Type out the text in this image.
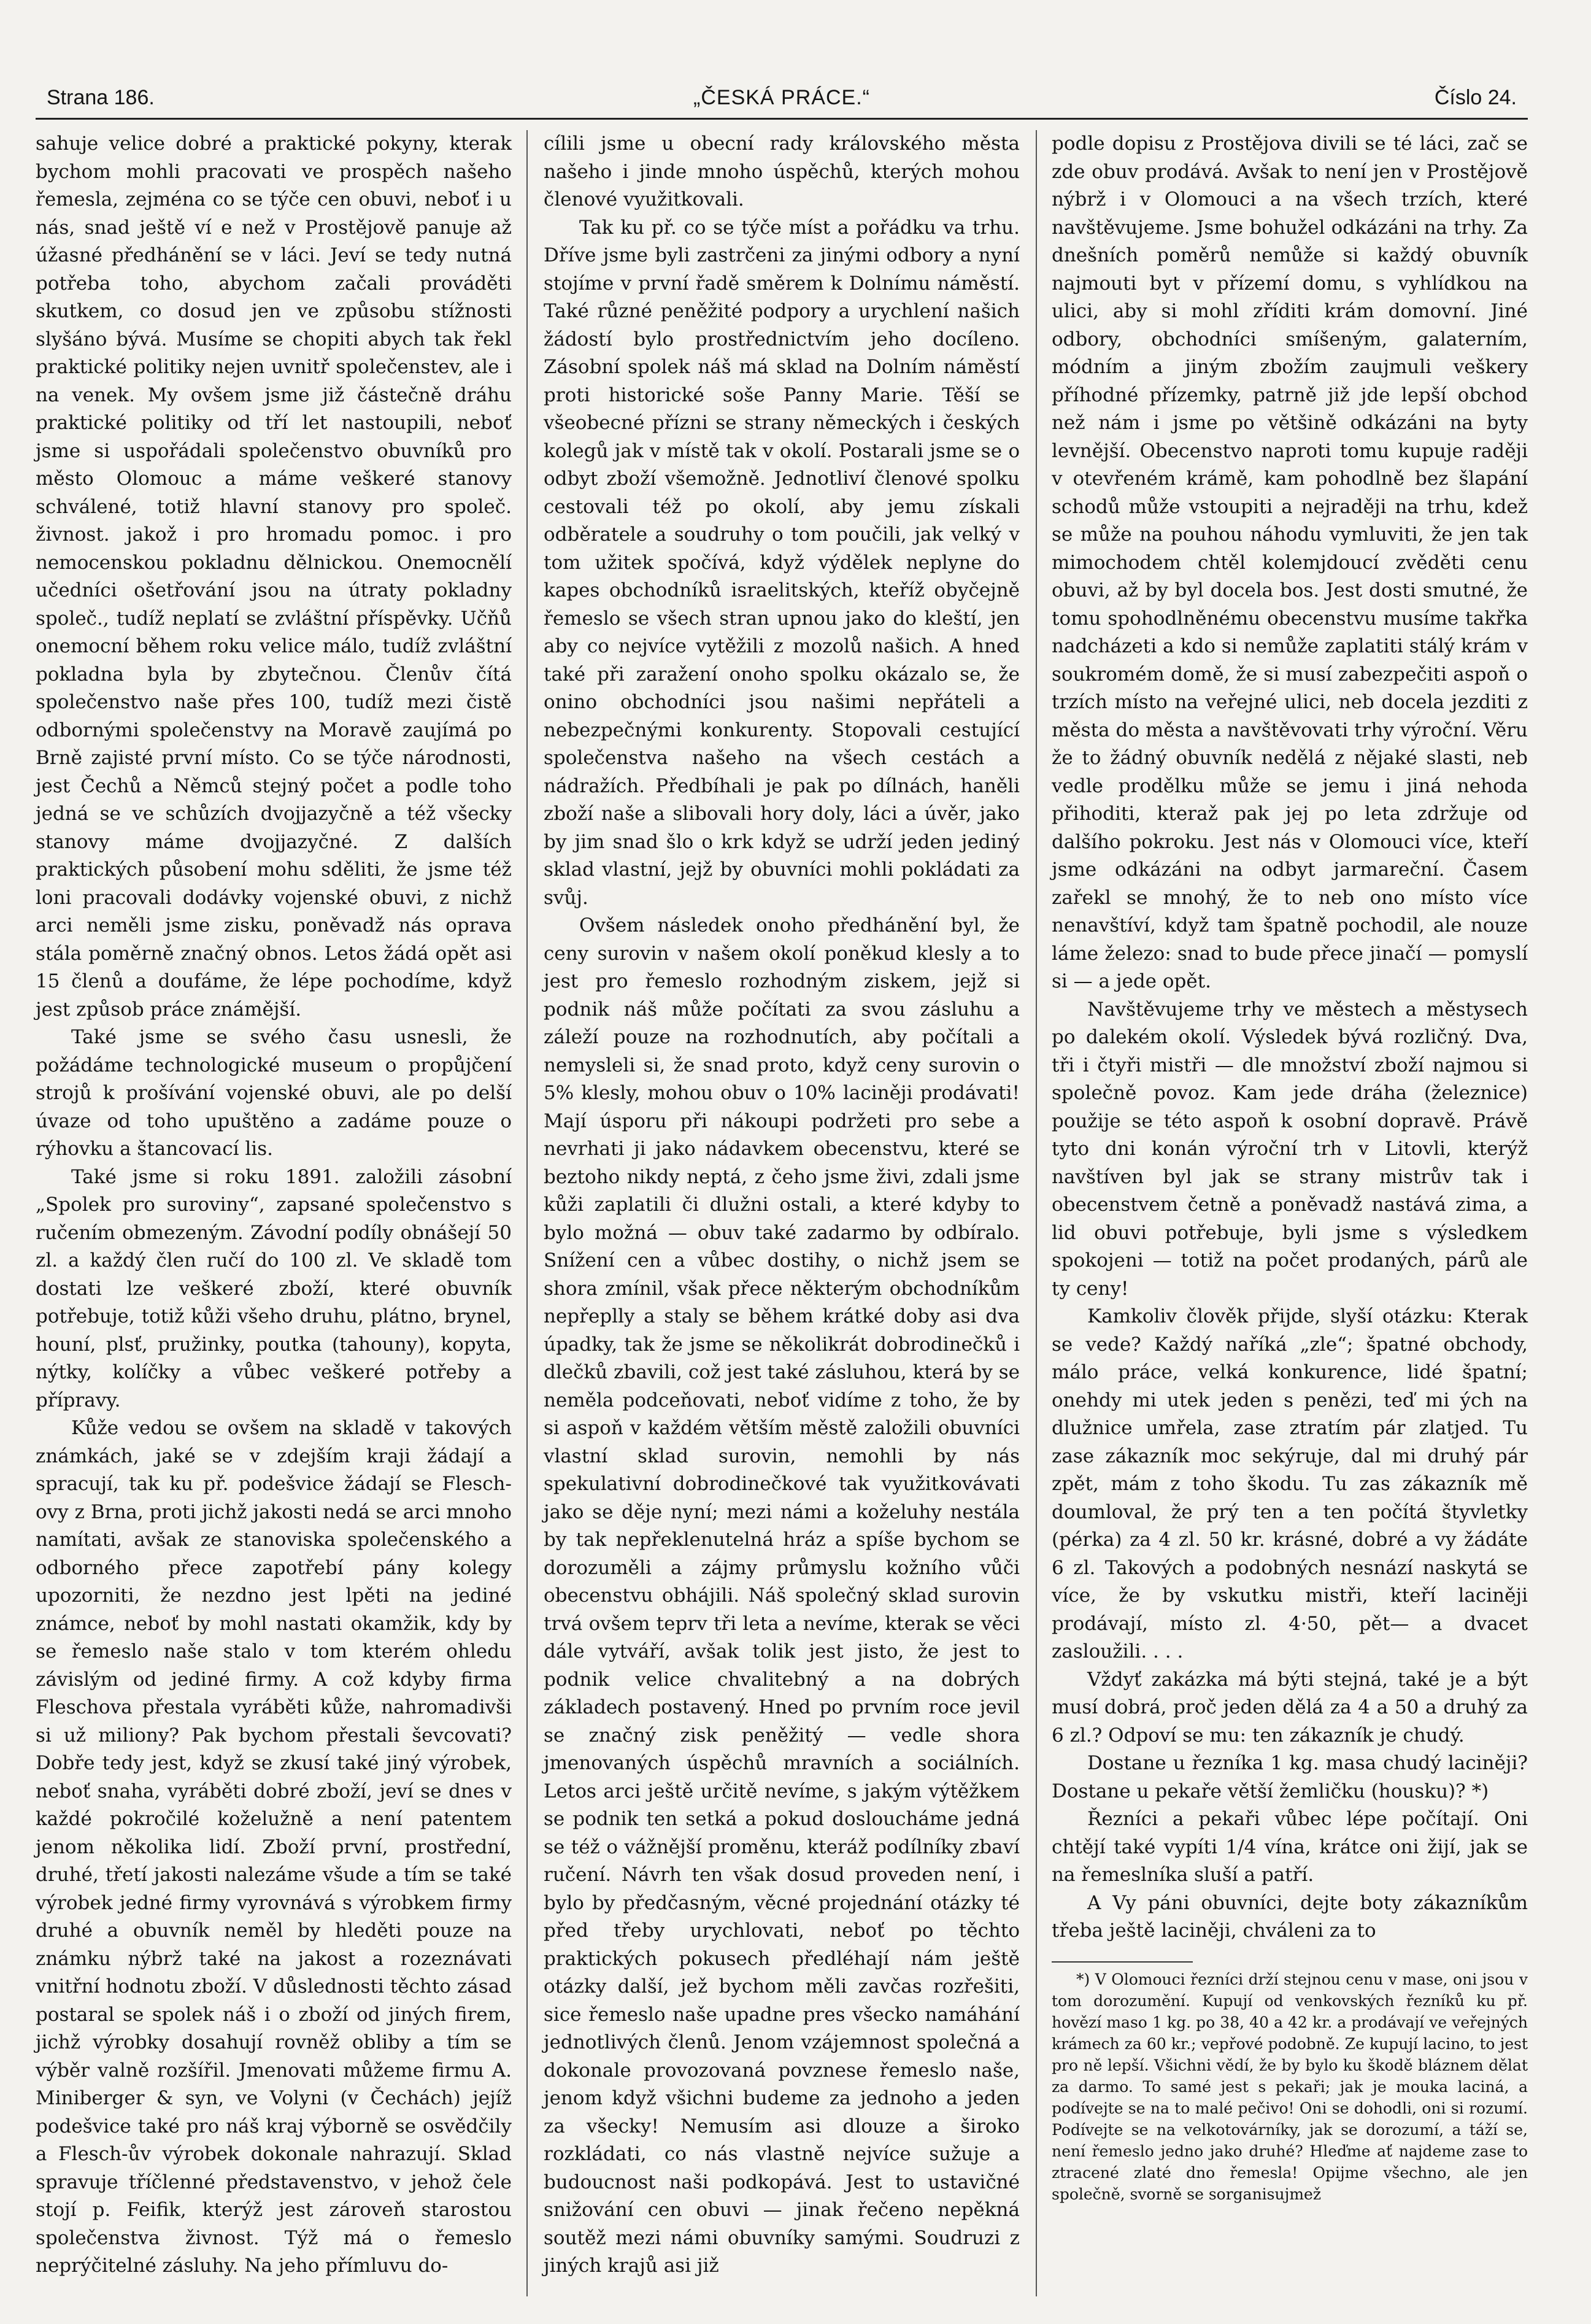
Strana 186.	„ČESKÁ PRÁCE.“	Číslo 24.

sahuje velice dobré a praktické pokyny, kterak bychom mohli pracovati ve prospěch našeho řemesla, zejména co se týče cen obuvi, neboť i u nás, snad ještě ví e než v Prostějově panuje až úžasné předhánění se v láci. Jeví se tedy nutná potřeba toho, abychom začali prováděti skutkem, co dosud jen ve způsobu stížnosti slyšáno bývá. Musíme se chopiti abych tak řekl praktické politiky nejen uvnitř společenstev, ale i na venek. My ovšem jsme již částečně dráhu praktické politiky od tří let nastoupili, neboť jsme si uspořádali společenstvo obuvníků pro město Olomouc a máme veškeré stanovy schválené, totiž hlavní stanovy pro společ. živnost. jakož i pro hromadu pomoc. i pro nemocenskou pokladnu dělnickou. Onemocnělí učedníci ošetřování jsou na útraty pokladny společ., tudíž neplatí se zvláštní příspěvky. Učňů onemocní během roku velice málo, tudíž zvláštní pokladna byla by zbytečnou. Členův čítá společenstvo naše přes 100, tudíž mezi čistě odbornými společenstvy na Moravě zaujímá po Brně zajisté první místo. Co se týče národnosti, jest Čechů a Němců stejný počet a podle toho jedná se ve schůzích dvojjazyčně a též všecky stanovy máme dvojjazyčné. Z dalších praktických působení mohu sděliti, že jsme též loni pracovali dodávky vojenské obuvi, z nichž arci neměli jsme zisku, poněvadž nás oprava stála poměrně značný obnos. Letos žádá opět asi 15 členů a doufáme, že lépe pochodíme, když jest způsob práce známější.

Také jsme se svého času usnesli, že požádáme technologické museum o propůjčení strojů k prošívání vojenské obuvi, ale po delší úvaze od toho upuštěno a zadáme pouze o rýhovku a štancovací lis.

Také jsme si roku 1891. založili zásobní „Spolek pro suroviny“, zapsané společenstvo s ručením obmezeným. Závodní podíly obnášejí 50 zl. a každý člen ručí do 100 zl. Ve skladě tom dostati lze veškeré zboží, které obuvník potřebuje, totiž kůži všeho druhu, plátno, brynel, houní, plsť, pružinky, poutka (tahouny), kopyta, nýtky, kolíčky a vůbec veškeré potřeby a přípravy.

Kůže vedou se ovšem na skladě v takových známkách, jaké se v zdejším kraji žádají a spracují, tak ku př. podešvice žádají se Flesch-ovy z Brna, proti jichž jakosti nedá se arci mnoho namítati, avšak ze stanoviska společenského a odborného přece zapotřebí pány kolegy upozorniti, že nezdno jest lpěti na jediné známce, neboť by mohl nastati okamžik, kdy by se řemeslo naše stalo v tom kterém ohledu závislým od jediné firmy. A což kdyby firma Fleschova přestala vyráběti kůže, nahromadivši si už miliony? Pak bychom přestali ševcovati? Dobře tedy jest, když se zkusí také jiný výrobek, neboť snaha, vyráběti dobré zboží, jeví se dnes v každé pokročilé koželužně a není patentem jenom několika lidí. Zboží první, prostřední, druhé, třetí jakosti nalezáme všude a tím se také výrobek jedné firmy vyrovnává s výrobkem firmy druhé a obuvník neměl by hleděti pouze na známku nýbrž také na jakost a rozeznávati vnitřní hodnotu zboží. V důslednosti těchto zásad postaral se spolek náš i o zboží od jiných firem, jichž výrobky dosahují rovněž obliby a tím se výběr valně rozšířil. Jmenovati můžeme firmu A. Miniberger & syn, ve Volyni (v Čechách) jejíž podešvice také pro náš kraj výborně se osvědčily a Flesch-ův výrobek dokonale nahrazují. Sklad spravuje tříčlenné představenstvo, v jehož čele stojí p. Feifik, kterýž jest zároveň starostou společenstva živnost. Týž má o řemeslo neprýčitelné zásluhy. Na jeho přímluvu do-

cílili jsme u obecní rady královského města našeho i jinde mnoho úspěchů, kterých mohou členové využitkovali.

Tak ku př. co se týče míst a pořádku va trhu. Dříve jsme byli zastrčeni za jinými odbory a nyní stojíme v první řadě směrem k Dolnímu náměstí. Také různé peněžité podpory a urychlení našich žádostí bylo prostřednictvím jeho docíleno. Zásobní spolek náš má sklad na Dolním náměstí proti historické soše Panny Marie. Těší se všeobecné přízni se strany německých i českých kolegů jak v místě tak v okolí. Postarali jsme se o odbyt zboží všemožně. Jednotliví členové spolku cestovali též po okolí, aby jemu získali odběratele a soudruhy o tom poučili, jak velký v tom užitek spočívá, když výdělek neplyne do kapes obchodníků israelitských, kteříž obyčejně řemeslo se všech stran upnou jako do kleští, jen aby co nejvíce vytěžili z mozolů našich. A hned také při zaražení onoho spolku okázalo se, že onino obchodníci jsou našimi nepřáteli a nebezpečnými konkurenty. Stopovali cestující společenstva našeho na všech cestách a nádražích. Předbíhali je pak po dílnách, haněli zboží naše a slibovali hory doly, láci a úvěr, jako by jim snad šlo o krk když se udrží jeden jediný sklad vlastní, jejž by obuvníci mohli pokládati za svůj.

Ovšem následek onoho předhánění byl, že ceny surovin v našem okolí poněkud klesly a to jest pro řemeslo rozhodným ziskem, jejž si podnik náš může počítati za svou zásluhu a záleží pouze na rozhodnutích, aby počítali a nemysleli si, že snad proto, když ceny surovin o 5% klesly, mohou obuv o 10% laciněji prodávati! Mají úsporu při nákoupi podržeti pro sebe a nevrhati ji jako nádavkem obecenstvu, které se beztoho nikdy neptá, z čeho jsme živi, zdali jsme kůži zaplatili či dlužni ostali, a které kdyby to bylo možná — obuv také zadarmo by odbíralo. Snížení cen a vůbec dostihy, o nichž jsem se shora zmínil, však přece některým obchodníkům nepřeplly a staly se během krátké doby asi dva úpadky, tak že jsme se několikrát dobrodinečků i dlečků zbavili, což jest také zásluhou, která by se neměla podceňovati, neboť vidíme z toho, že by si aspoň v každém větším městě založili obuvníci vlastní sklad surovin, nemohli by nás spekulativní dobrodinečkové tak využitkovávati jako se děje nyní; mezi námi a koželuhy nestála by tak nepřeklenutelná hráz a spíše bychom se dorozuměli a zájmy průmyslu kožního vůči obecenstvu obhájili. Náš společný sklad surovin trvá ovšem teprv tři leta a nevíme, kterak se věci dále vytváří, avšak tolik jest jisto, že jest to podnik velice chvalitebný a na dobrých základech postavený. Hned po prvním roce jevil se značný zisk peněžitý — vedle shora jmenovaných úspěchů mravních a sociálních. Letos arci ještě určitě nevíme, s jakým výtěžkem se podnik ten setká a pokud dosloucháme jedná se též o vážnější proměnu, kteráž podílníky zbaví ručení. Návrh ten však dosud proveden není, i bylo by předčasným, věcné projednání otázky té před třeby urychlovati, neboť po těchto praktických pokusech předléhají nám ještě otázky další, jež bychom měli zavčas rozřešiti, sice řemeslo naše upadne pres všecko namáhání jednotlivých členů. Jenom vzájemnost společná a dokonale provozovaná povznese řemeslo naše, jenom když všichni budeme za jednoho a jeden za všecky! Nemusím asi dlouze a široko rozkládati, co nás vlastně nejvíce sužuje a budoucnost naši podkopává. Jest to ustavičné snižování cen obuvi — jinak řečeno nepěkná soutěž mezi námi obuvníky samými. Soudruzi z jiných krajů asi již

podle dopisu z Prostějova divili se té láci, zač se zde obuv prodává. Avšak to není jen v Prostějově nýbrž i v Olomouci a na všech trzích, které navštěvujeme. Jsme bohužel odkázáni na trhy. Za dnešních poměrů nemůže si každý obuvník najmouti byt v přízemí domu, s vyhlídkou na ulici, aby si mohl zříditi krám domovní. Jiné odbory, obchodníci smíšeným, galaterním, módním a jiným zbožím zaujmuli veškery příhodné přízemky, patrně již jde lepší obchod než nám i jsme po většině odkázáni na byty levnější. Obecenstvo naproti tomu kupuje raději v otevřeném krámě, kam pohodlně bez šlapání schodů může vstoupiti a nejraději na trhu, kdež se může na pouhou náhodu vymluviti, že jen tak mimochodem chtěl kolemjdoucí zvěděti cenu obuvi, až by byl docela bos. Jest dosti smutné, že tomu spohodlněnému obecenstvu musíme takřka nadcházeti a kdo si nemůže zaplatiti stálý krám v soukromém domě, že si musí zabezpečiti aspoň o trzích místo na veřejné ulici, neb docela jezditi z města do města a navštěvovati trhy výroční. Věru že to žádný obuvník nedělá z nějaké slasti, neb vedle prodělku může se jemu i jiná nehoda přihoditi, kteraž pak jej po leta zdržuje od dalšího pokroku. Jest nás v Olomouci více, kteří jsme odkázáni na odbyt jarmareční. Časem zařekl se mnohý, že to neb ono místo více nenavštíví, když tam špatně pochodil, ale nouze láme železo: snad to bude přece jinačí — pomyslí si — a jede opět.

Navštěvujeme trhy ve městech a městysech po dalekém okolí. Výsledek bývá rozličný. Dva, tři i čtyři mistři — dle množství zboží najmou si společně povoz. Kam jede dráha (železnice) použije se této aspoň k osobní dopravě. Právě tyto dni konán výroční trh v Litovli, kterýž navštíven byl jak se strany mistrův tak i obecenstvem četně a poněvadž nastává zima, a lid obuvi potřebuje, byli jsme s výsledkem spokojeni — totiž na počet prodaných, párů ale ty ceny!

Kamkoliv člověk přijde, slyší otázku: Kterak se vede? Každý naříká „zle“; špatné obchody, málo práce, velká konkurence, lidé špatní; onehdy mi utek jeden s penězi, teď mi ých na dlužnice umřela, zase ztratím pár zlatjed. Tu zase zákazník moc sekýruje, dal mi druhý pár zpět, mám z toho škodu. Tu zas zákazník mě doumloval, že prý ten a ten počítá štyvletky (pérka) za 4 zl. 50 kr. krásné, dobré a vy žádáte 6 zl. Takových a podobných nesnází naskytá se více, že by vskutku mistři, kteří laciněji prodávají, místo zl. 4·50, pět— a dvacet zasloužili. . . .

Vždyť zakázka má býti stejná, také je a být musí dobrá, proč jeden dělá za 4 a 50 a druhý za 6 zl.? Odpoví se mu: ten zákazník je chudý.

Dostane u řezníka 1 kg. masa chudý laciněji? Dostane u pekaře větší žemličku (housku)? *)

Řezníci a pekaři vůbec lépe počítají. Oni chtějí také vypíti 1/4 vína, krátce oni žijí, jak se na řemeslníka sluší a patří.

A Vy páni obuvníci, dejte boty zákazníkům třeba ještě laciněji, chváleni za to

*) V Olomouci řezníci drží stejnou cenu v mase, oni jsou v tom dorozumění. Kupují od venkovských řezníků ku př. hovězí maso 1 kg. po 38, 40 a 42 kr. a prodávají ve veřejných krámech za 60 kr.; vepřové podobně. Ze kupují lacino, to jest pro ně lepší. Všichni vědí, že by bylo ku škodě bláznem dělat za darmo. To samé jest s pekaři; jak je mouka laciná, a podívejte se na to malé pečivo! Oni se dohodli, oni si rozumí. Podívejte se na velkotovárníky, jak se dorozumí, a táží se, není řemeslo jedno jako druhé? Hleďme ať najdeme zase to ztracené zlaté dno řemesla! Opijme všechno, ale jen společně, svorně se sorganisujmež
